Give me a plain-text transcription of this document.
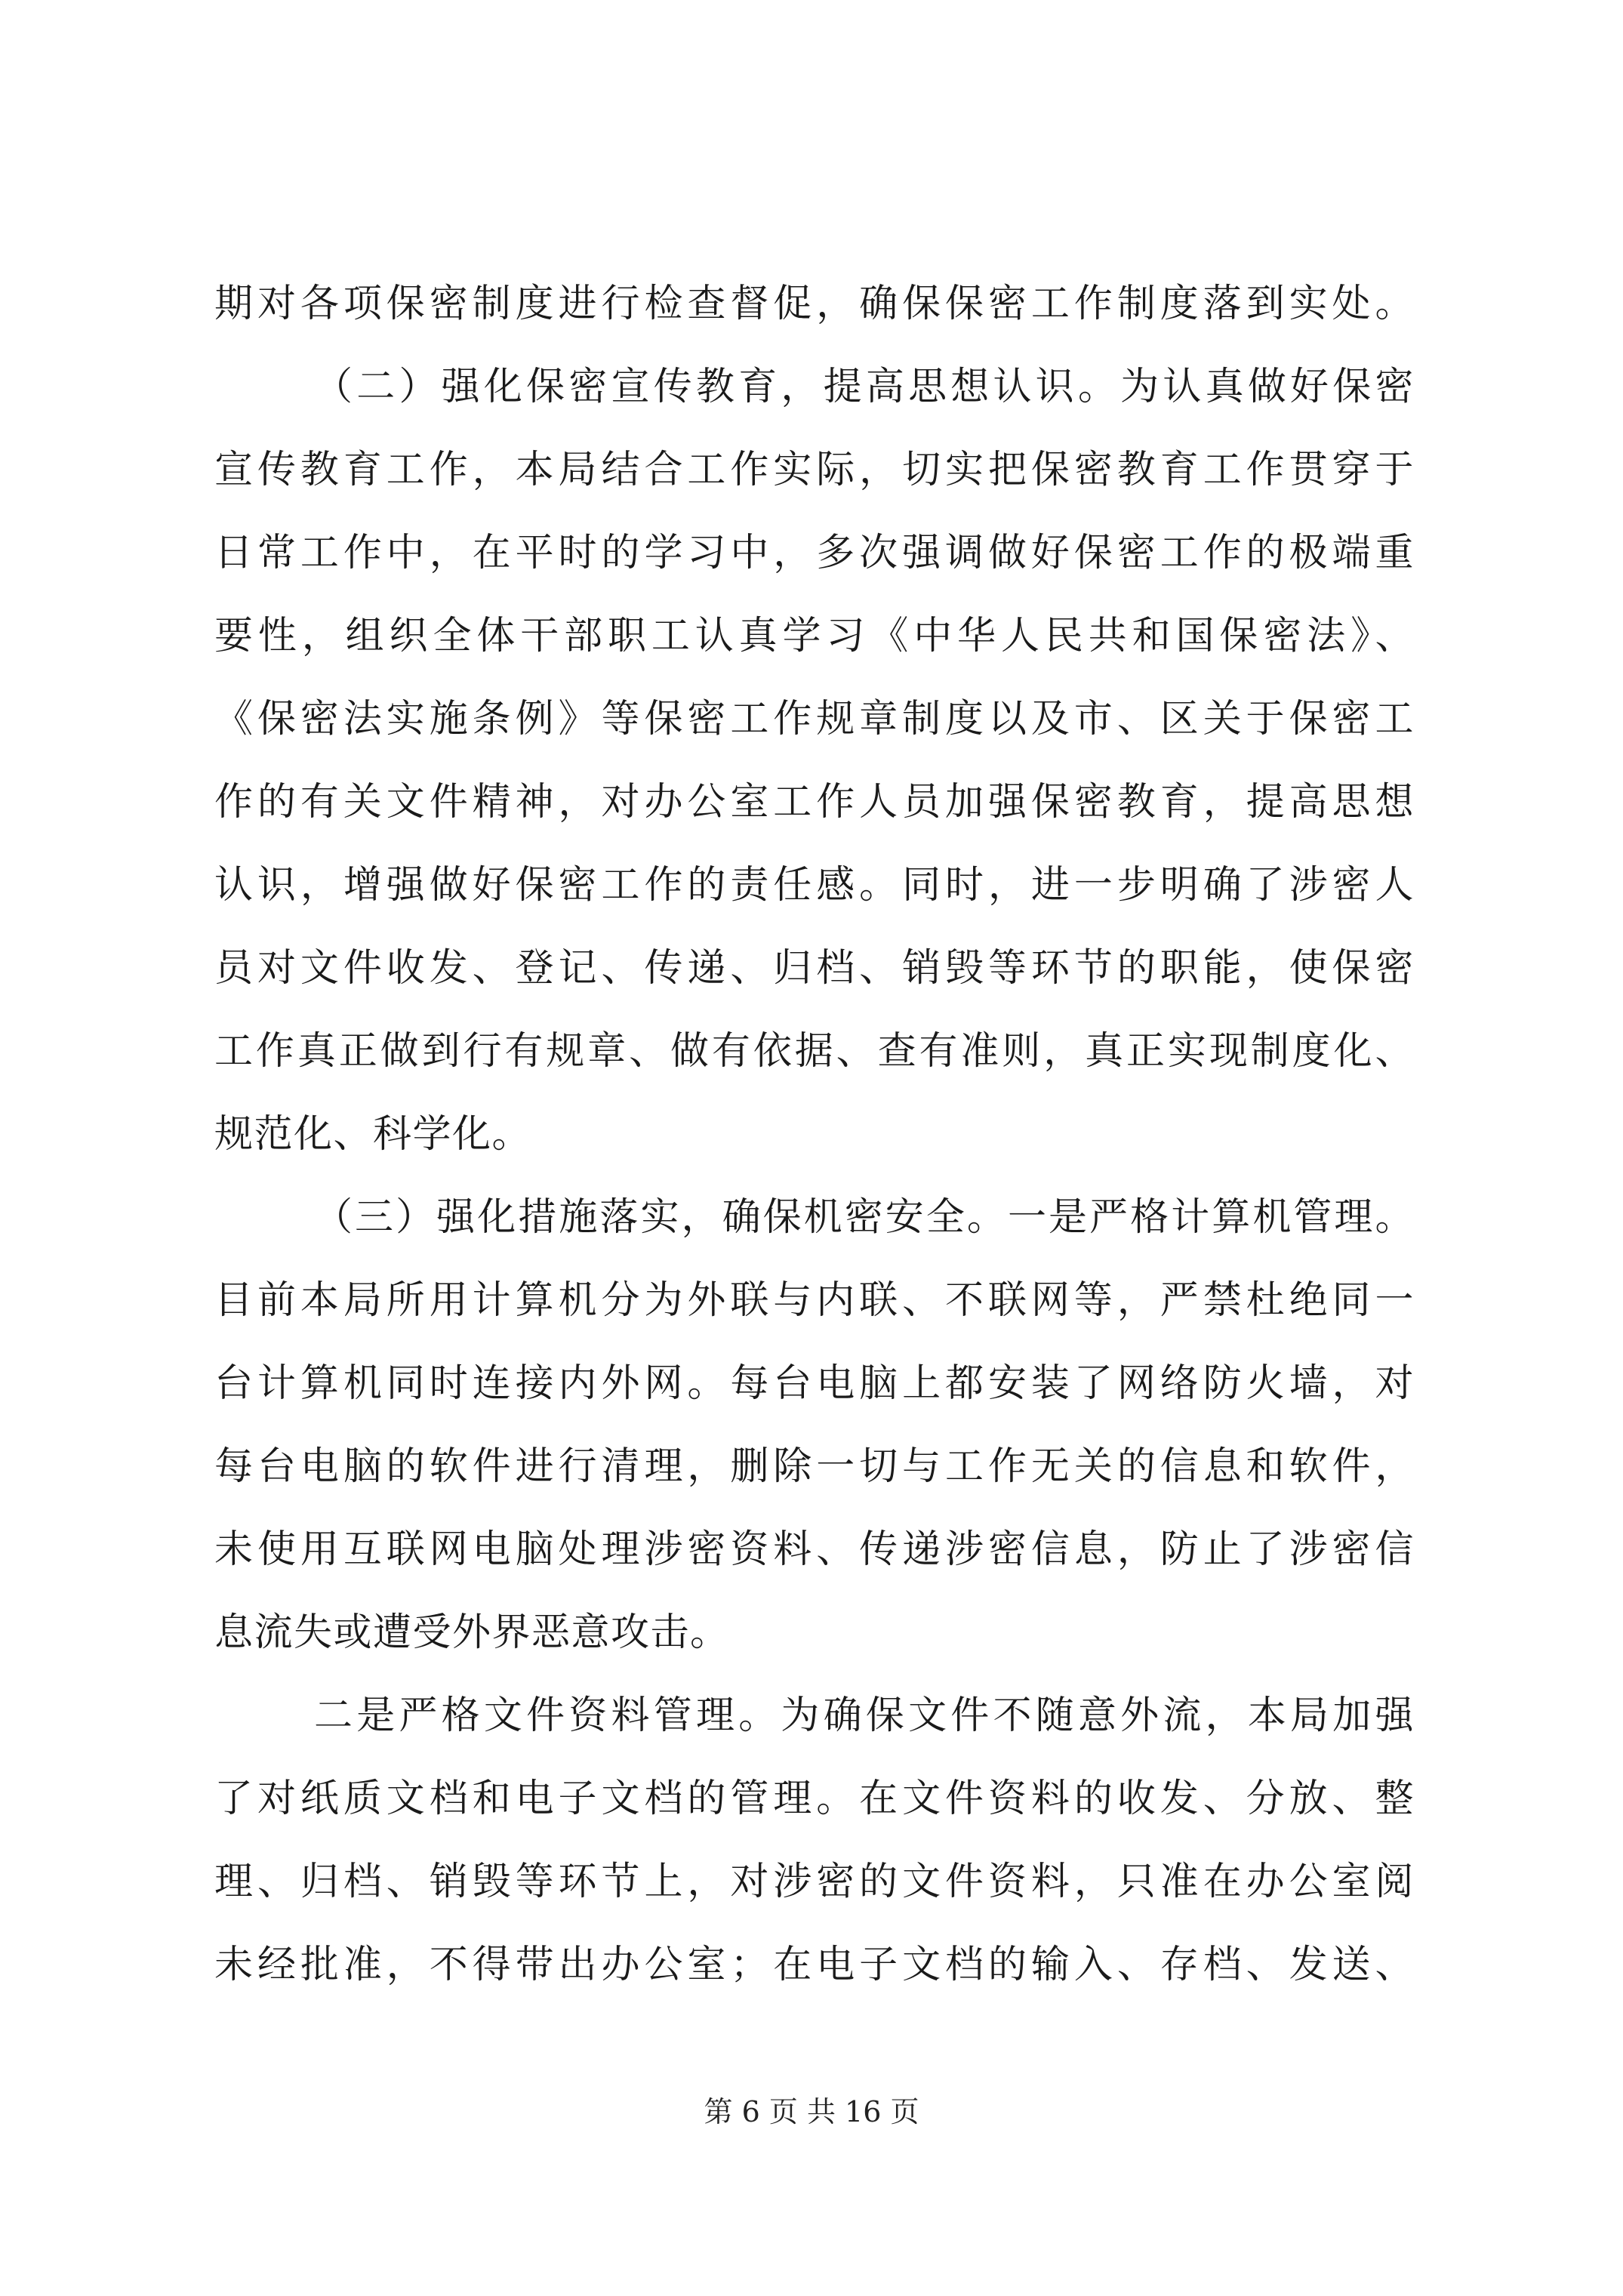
期对各项保密制度进行检查督促，确保保密工作制度落到实处。
（二）强化保密宣传教育，提高思想认识。为认真做好保密
宣传教育工作，本局结合工作实际，切实把保密教育工作贯穿于
日常工作中，在平时的学习中，多次强调做好保密工作的极端重
要性，组织全体干部职工认真学习《中华人民共和国保密法》、
《保密法实施条例》等保密工作规章制度以及市、区关于保密工
作的有关文件精神，对办公室工作人员加强保密教育，提高思想
认识，增强做好保密工作的责任感。同时，进一步明确了涉密人
员对文件收发、登记、传递、归档、销毁等环节的职能，使保密
工作真正做到行有规章、做有依据、查有准则，真正实现制度化、
规范化、科学化。
（三）强化措施落实，确保机密安全。一是严格计算机管理。
目前本局所用计算机分为外联与内联、不联网等，严禁杜绝同一
台计算机同时连接内外网。每台电脑上都安装了网络防火墙，对
每台电脑的软件进行清理，删除一切与工作无关的信息和软件，
未使用互联网电脑处理涉密资料、传递涉密信息，防止了涉密信
息流失或遭受外界恶意攻击。
二是严格文件资料管理。为确保文件不随意外流，本局加强
了对纸质文档和电子文档的管理。在文件资料的收发、分放、整
理、归档、销毁等环节上，对涉密的文件资料，只准在办公室阅
未经批准，不得带出办公室；在电子文档的输入、存档、发送、
第 6 页 共 16 页
